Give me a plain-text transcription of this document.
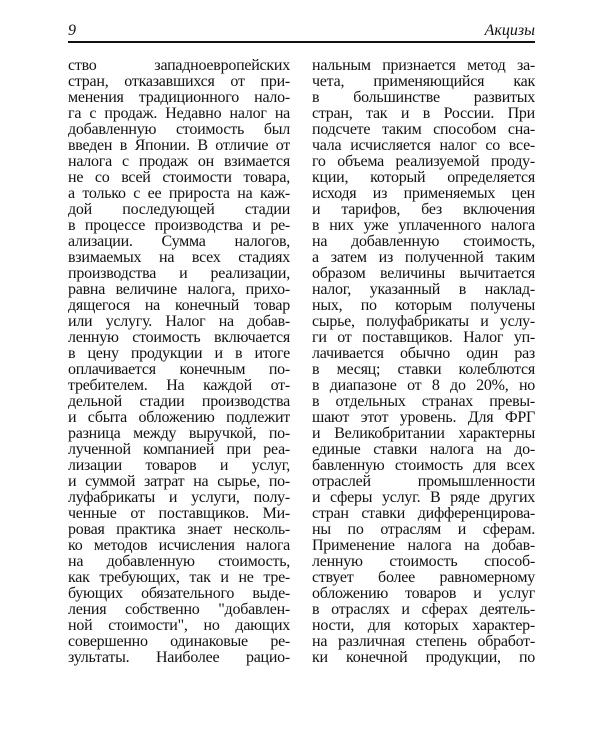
9	Акцизы
ство западноевропейских
стран, отказавшихся от при-
менения традиционного нало-
га с продаж. Недавно налог на
добавленную стоимость был
введен в Японии. В отличие от
налога с продаж он взимается
не со всей стоимости товара,
а только с ее прироста на каж-
дой последующей стадии
в процессе производства и ре-
ализации. Сумма налогов,
взимаемых на всех стадиях
производства и реализации,
равна величине налога, прихо-
дящегося на конечный товар
или услугу. Налог на добав-
ленную стоимость включается
в цену продукции и в итоге
оплачивается конечным по-
требителем. На каждой от-
дельной стадии производства
и сбыта обложению подлежит
разница между выручкой, по-
лученной компанией при реа-
лизации товаров и услуг,
и суммой затрат на сырье, по-
луфабрикаты и услуги, полу-
ченные от поставщиков. Ми-
ровая практика знает несколь-
ко методов исчисления налога
на добавленную стоимость,
как требующих, так и не тре-
бующих обязательного выде-
ления собственно "добавлен-
ной стоимости", но дающих
совершенно одинаковые ре-
зультаты. Наиболее рацио-
нальным признается метод за-
чета, применяющийся как
в большинстве развитых
стран, так и в России. При
подсчете таким способом сна-
чала исчисляется налог со все-
го объема реализуемой проду-
кции, который определяется
исходя из применяемых цен
и тарифов, без включения
в них уже уплаченного налога
на добавленную стоимость,
а затем из полученной таким
образом величины вычитается
налог, указанный в наклад-
ных, по которым получены
сырье, полуфабрикаты и услу-
ги от поставщиков. Налог уп-
лачивается обычно один раз
в месяц; ставки колеблются
в диапазоне от 8 до 20%, но
в отдельных странах превы-
шают этот уровень. Для ФРГ
и Великобритании характерны
единые ставки налога на до-
бавленную стоимость для всех
отраслей промышленности
и сферы услуг. В ряде других
стран ставки дифференцирова-
ны по отраслям и сферам.
Применение налога на добав-
ленную стоимость способ-
ствует более равномерному
обложению товаров и услуг
в отраслях и сферах деятель-
ности, для которых характер-
на различная степень обработ-
ки конечной продукции, по
